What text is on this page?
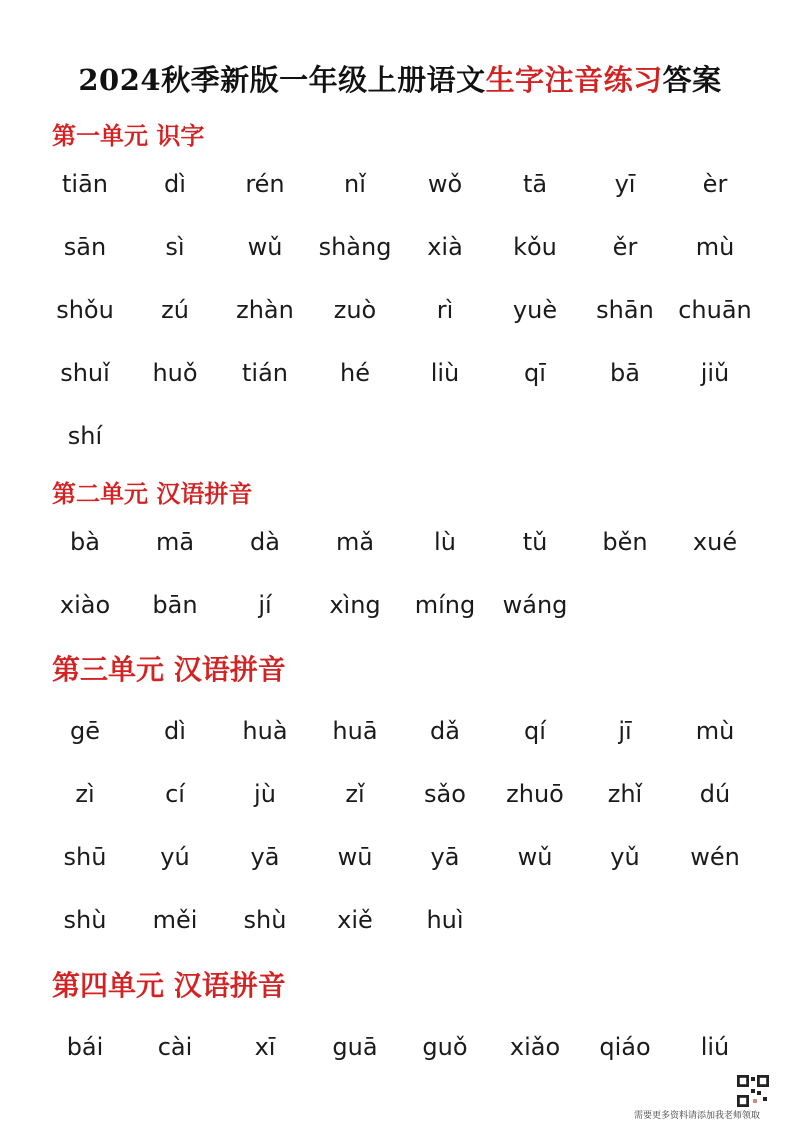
2024秋季新版一年级上册语文生字注音练习答案
第一单元 识字
tiān	dì	rén	nǐ	wǒ	tā	yī	èr
sān	sì	wǔ	shàng	xià	kǒu	ěr	mù
shǒu	zú	zhàn	zuò	rì	yuè	shān	chuān
shuǐ	huǒ	tián	hé	liù	qī	bā	jiǔ
shí
第二单元 汉语拼音
bà	mā	dà	mǎ	lù	tǔ	běn	xué
xiào	bān	jí	xìng	míng	wáng
第三单元 汉语拼音
gē	dì	huà	huā	dǎ	qí	jī	mù
zì	cí	jù	zǐ	sǎo	zhuō	zhǐ	dú
shū	yú	yā	wū	yā	wǔ	yǔ	wén
shù	měi	shù	xiě	huì
第四单元 汉语拼音
bái	cài	xī	guā	guǒ	xiǎo	qiáo	liú
需要更多资料请添加我老师领取
